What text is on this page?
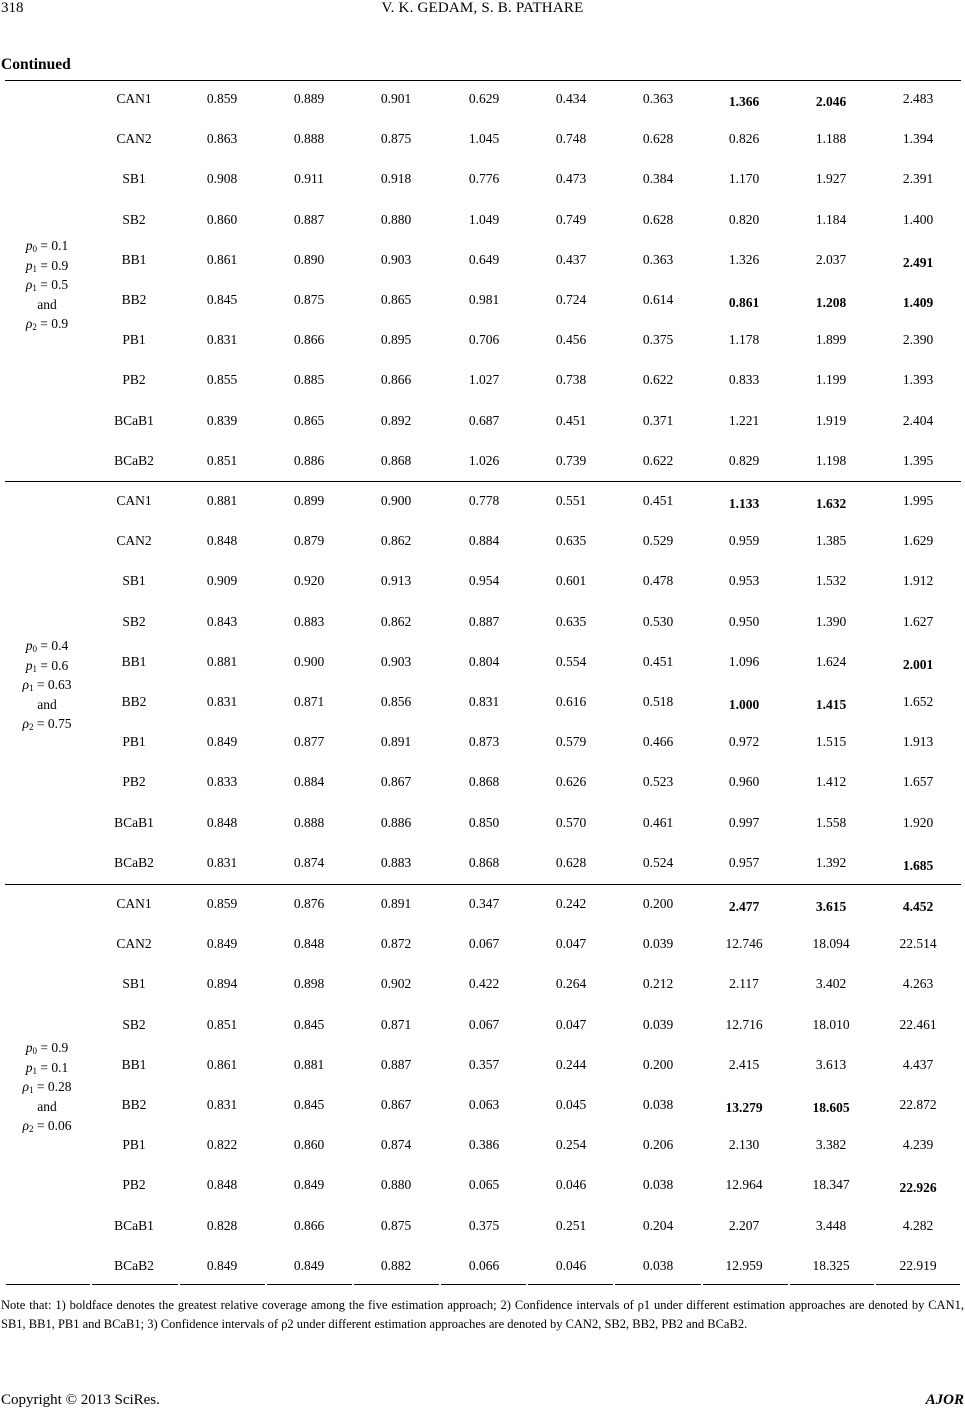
318	V. K. GEDAM, S. B. PATHARE
Continued
$p_0 = 0.1$
$p_1 = 0.9$
$\rho_1 = 0.5$
and
$\rho_2 = 0.9$
CAN1	0.859	0.889	0.901	0.629	0.434	0.363	1.366	2.046	2.483
CAN2	0.863	0.888	0.875	1.045	0.748	0.628	0.826	1.188	1.394
SB1	0.908	0.911	0.918	0.776	0.473	0.384	1.170	1.927	2.391
SB2	0.860	0.887	0.880	1.049	0.749	0.628	0.820	1.184	1.400
BB1	0.861	0.890	0.903	0.649	0.437	0.363	1.326	2.037	2.491
BB2	0.845	0.875	0.865	0.981	0.724	0.614	0.861	1.208	1.409
PB1	0.831	0.866	0.895	0.706	0.456	0.375	1.178	1.899	2.390
PB2	0.855	0.885	0.866	1.027	0.738	0.622	0.833	1.199	1.393
BCaB1	0.839	0.865	0.892	0.687	0.451	0.371	1.221	1.919	2.404
BCaB2	0.851	0.886	0.868	1.026	0.739	0.622	0.829	1.198	1.395
$p_0 = 0.4$
$p_1 = 0.6$
$\rho_1 = 0.63$
and
$\rho_2 = 0.75$
CAN1	0.881	0.899	0.900	0.778	0.551	0.451	1.133	1.632	1.995
CAN2	0.848	0.879	0.862	0.884	0.635	0.529	0.959	1.385	1.629
SB1	0.909	0.920	0.913	0.954	0.601	0.478	0.953	1.532	1.912
SB2	0.843	0.883	0.862	0.887	0.635	0.530	0.950	1.390	1.627
BB1	0.881	0.900	0.903	0.804	0.554	0.451	1.096	1.624	2.001
BB2	0.831	0.871	0.856	0.831	0.616	0.518	1.000	1.415	1.652
PB1	0.849	0.877	0.891	0.873	0.579	0.466	0.972	1.515	1.913
PB2	0.833	0.884	0.867	0.868	0.626	0.523	0.960	1.412	1.657
BCaB1	0.848	0.888	0.886	0.850	0.570	0.461	0.997	1.558	1.920
BCaB2	0.831	0.874	0.883	0.868	0.628	0.524	0.957	1.392	1.685
$p_0 = 0.9$
$p_1 = 0.1$
$\rho_1 = 0.28$
and
$\rho_2 = 0.06$
CAN1	0.859	0.876	0.891	0.347	0.242	0.200	2.477	3.615	4.452
CAN2	0.849	0.848	0.872	0.067	0.047	0.039	12.746	18.094	22.514
SB1	0.894	0.898	0.902	0.422	0.264	0.212	2.117	3.402	4.263
SB2	0.851	0.845	0.871	0.067	0.047	0.039	12.716	18.010	22.461
BB1	0.861	0.881	0.887	0.357	0.244	0.200	2.415	3.613	4.437
BB2	0.831	0.845	0.867	0.063	0.045	0.038	13.279	18.605	22.872
PB1	0.822	0.860	0.874	0.386	0.254	0.206	2.130	3.382	4.239
PB2	0.848	0.849	0.880	0.065	0.046	0.038	12.964	18.347	22.926
BCaB1	0.828	0.866	0.875	0.375	0.251	0.204	2.207	3.448	4.282
BCaB2	0.849	0.849	0.882	0.066	0.046	0.038	12.959	18.325	22.919
Note that: 1) boldface denotes the greatest relative coverage among the five estimation approach; 2) Confidence intervals of ρ1 under different estimation approaches are denoted by CAN1, SB1, BB1, PB1 and BCaB1; 3) Confidence intervals of ρ2 under different estimation approaches are denoted by CAN2, SB2, BB2, PB2 and BCaB2.
Copyright © 2013 SciRes.	AJOR
